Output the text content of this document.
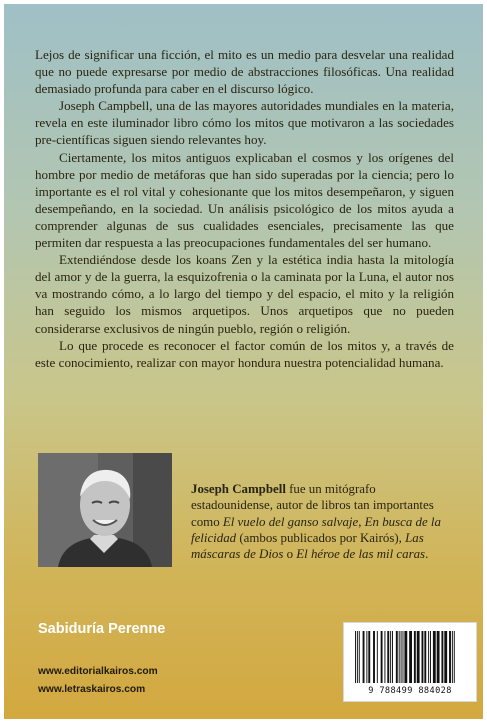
Lejos de significar una ficción, el mito es un medio para desvelar una realidad que no puede expresarse por medio de abstracciones filosóficas. Una realidad demasiado profunda para caber en el discurso lógico.

Joseph Campbell, una de las mayores autoridades mundiales en la materia, revela en este iluminador libro cómo los mitos que motivaron a las sociedades pre-científicas siguen siendo relevantes hoy.

Ciertamente, los mitos antiguos explicaban el cosmos y los orígenes del hombre por medio de metáforas que han sido superadas por la ciencia; pero lo importante es el rol vital y cohesionante que los mitos desempeñaron, y siguen desempeñando, en la sociedad. Un análisis psicológico de los mitos ayuda a comprender algunas de sus cualidades esenciales, precisamente las que permiten dar respuesta a las preocupaciones fundamentales del ser humano.

Extendiéndose desde los koans Zen y la estética india hasta la mitología del amor y de la guerra, la esquizofrenia o la caminata por la Luna, el autor nos va mostrando cómo, a lo largo del tiempo y del espacio, el mito y la religión han seguido los mismos arquetipos. Unos arquetipos que no pueden considerarse exclusivos de ningún pueblo, región o religión.

Lo que procede es reconocer el factor común de los mitos y, a través de este conocimiento, realizar con mayor hondura nuestra potencialidad humana.

Joseph Campbell fue un mitógrafo estadounidense, autor de libros tan importantes como El vuelo del ganso salvaje, En busca de la felicidad (ambos publicados por Kairós), Las máscaras de Dios o El héroe de las mil caras.
Sabiduría Perenne
www.editorialkairos.com
www.letraskairos.com	9 788499 884028
